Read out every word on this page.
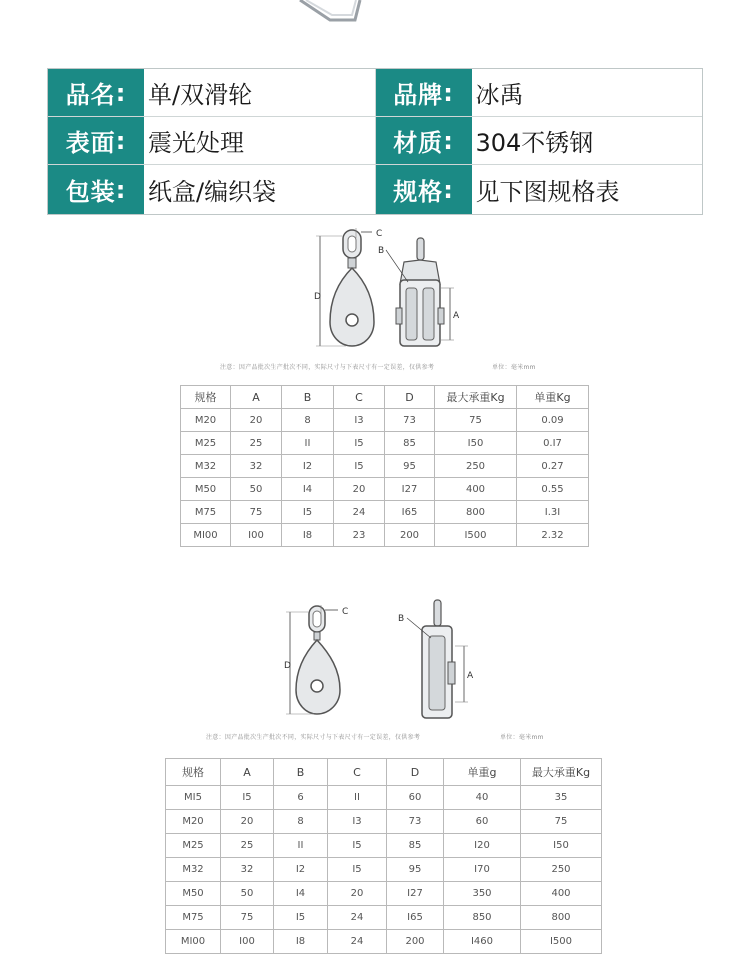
品名 : 单/双滑轮	品牌 : 冰禹
表面 : 震光处理	材质 : 304不锈钢
包装 : 纸盒/编织袋	规格 : 见下图规格表
D
C
B
A
注意：因产品批次生产批次不同，实际尺寸与下表尺寸有一定误差，仅供参考	单位：毫米mm
规格	A	B	C	D	最大承重Kg	单重Kg
M20	20	8	I3	73	75	0.09
M25	25	II	I5	85	I50	0.I7
M32	32	I2	I5	95	250	0.27
M50	50	I4	20	I27	400	0.55
M75	75	I5	24	I65	800	I.3I
MI00	I00	I8	23	200	I500	2.32
D
C
B
A
注意：因产品批次生产批次不同，实际尺寸与下表尺寸有一定误差，仅供参考	单位：毫米mm
规格	A	B	C	D	单重g	最大承重Kg
MI5	I5	6	II	60	40	35
M20	20	8	I3	73	60	75
M25	25	II	I5	85	I20	I50
M32	32	I2	I5	95	I70	250
M50	50	I4	20	I27	350	400
M75	75	I5	24	I65	850	800
MI00	I00	I8	24	200	I460	I500
